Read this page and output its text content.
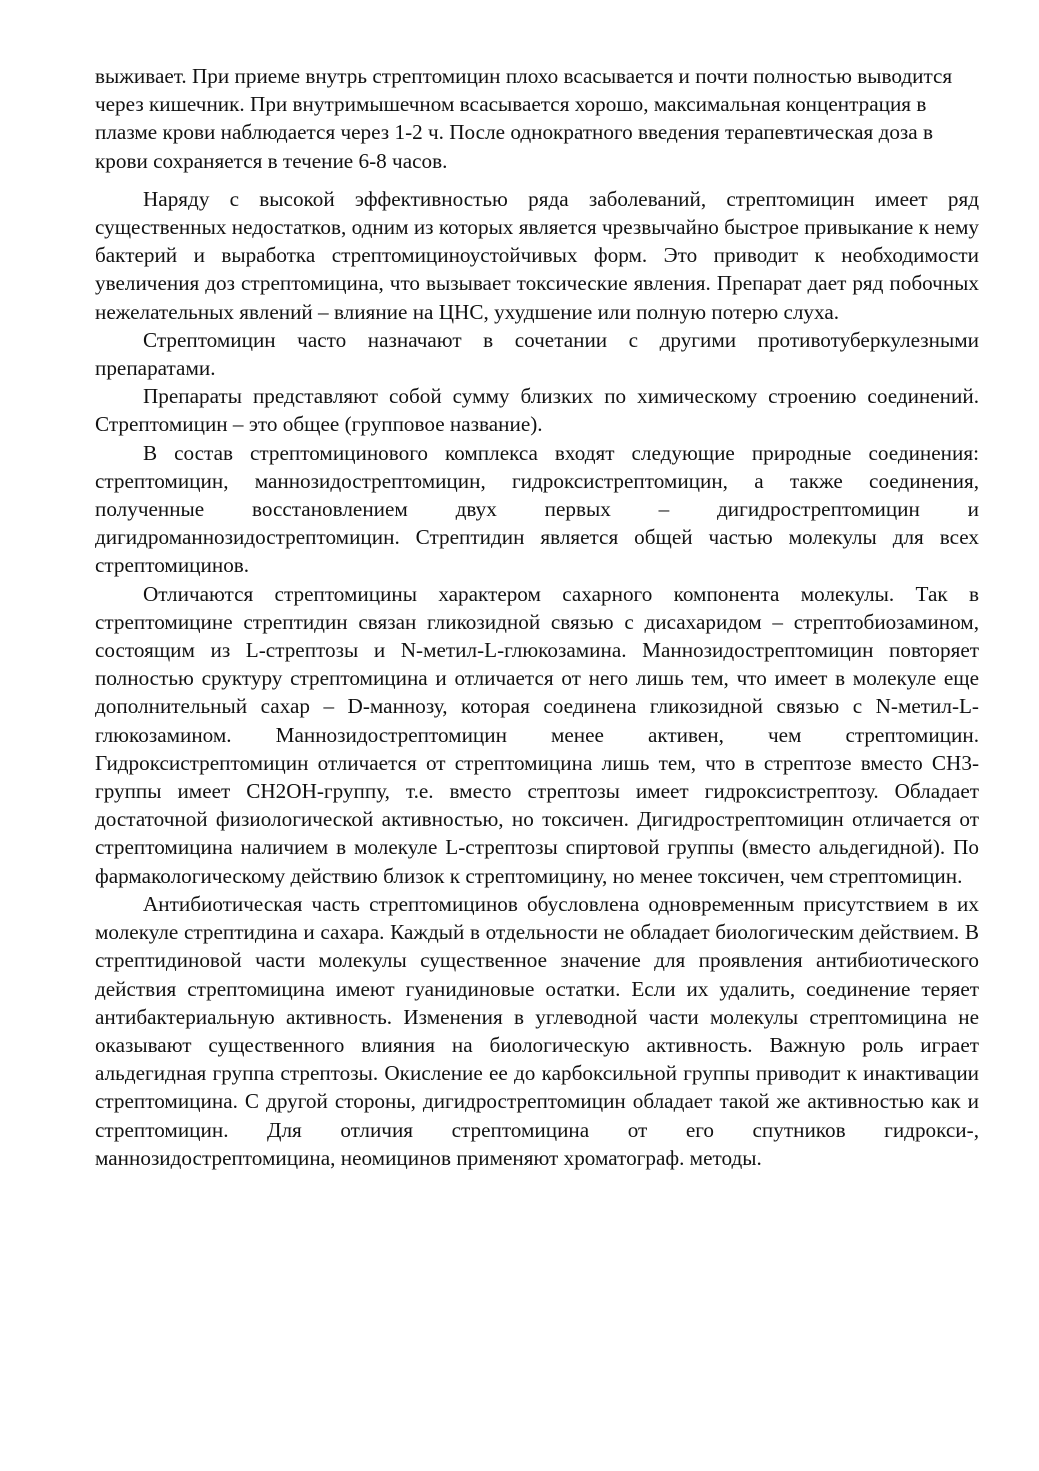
выживает. При приеме внутрь стрептомицин плохо всасывается и почти полностью выводится через кишечник. При внутримышечном всасывается хорошо, максимальная концентрация в плазме крови наблюдается через 1-2 ч. После однократного введения терапевтическая доза в крови сохраняется в течение 6-8 часов.

Наряду с высокой эффективностью ряда заболеваний, стрептомицин имеет ряд существенных недостатков, одним из которых является чрезвычайно быстрое привыкание к нему бактерий и выработка стрептомициноустойчивых форм. Это приводит к необходимости увеличения доз стрептомицина, что вызывает токсические явления. Препарат дает ряд побочных нежелательных явлений – влияние на ЦНС, ухудшение или полную потерю слуха.

Стрептомицин часто назначают в сочетании с другими противотуберкулезными препаратами.

Препараты представляют собой сумму близких по химическому строению соединений. Стрептомицин – это общее (групповое название).

В состав стрептомицинового комплекса входят следующие природные соединения: стрептомицин, маннозидострептомицин, гидроксистрептомицин, а также соединения, полученные восстановлением двух первых – дигидрострептомицин и дигидроманнозидострептомицин. Стрептидин является общей частью молекулы для всех стрептомицинов.

Отличаются стрептомицины характером сахарного компонента молекулы. Так в стрептомицине стрептидин связан гликозидной связью с дисахаридом – стрептобиозамином, состоящим из L-стрептозы и N-метил-L-глюкозамина. Маннозидострептомицин повторяет полностью сруктуру стрептомицина и отличается от него лишь тем, что имеет в молекуле еще дополнительный сахар – D-маннозу, которая соединена гликозидной связью с N-метил-L-глюкозамином. Маннозидострептомицин менее активен, чем стрептомицин. Гидроксистрептомицин отличается от стрептомицина лишь тем, что в стрептозе вместо СН3-группы имеет СН2ОН-группу, т.е. вместо стрептозы имеет гидроксистрептозу. Обладает достаточной физиологической активностью, но токсичен. Дигидрострептомицин отличается от стрептомицина наличием в молекуле L-стрептозы спиртовой группы (вместо альдегидной). По фармакологическому действию близок к стрептомицину, но менее токсичен, чем стрептомицин.

Антибиотическая часть стрептомицинов обусловлена одновременным присутствием в их молекуле стрептидина и сахара. Каждый в отдельности не обладает биологическим действием. В стрептидиновой части молекулы существенное значение для проявления антибиотического действия стрептомицина имеют гуанидиновые остатки. Если их удалить, соединение теряет антибактериальную активность. Изменения в углеводной части молекулы стрептомицина не оказывают существенного влияния на биологическую активность. Важную роль играет альдегидная группа стрептозы. Окисление ее до карбоксильной группы приводит к инактивации стрептомицина. С другой стороны, дигидрострептомицин обладает такой же активностью как и стрептомицин. Для отличия стрептомицина от его спутников гидрокси-, маннозидострептомицина, неомицинов применяют хроматограф. методы.
